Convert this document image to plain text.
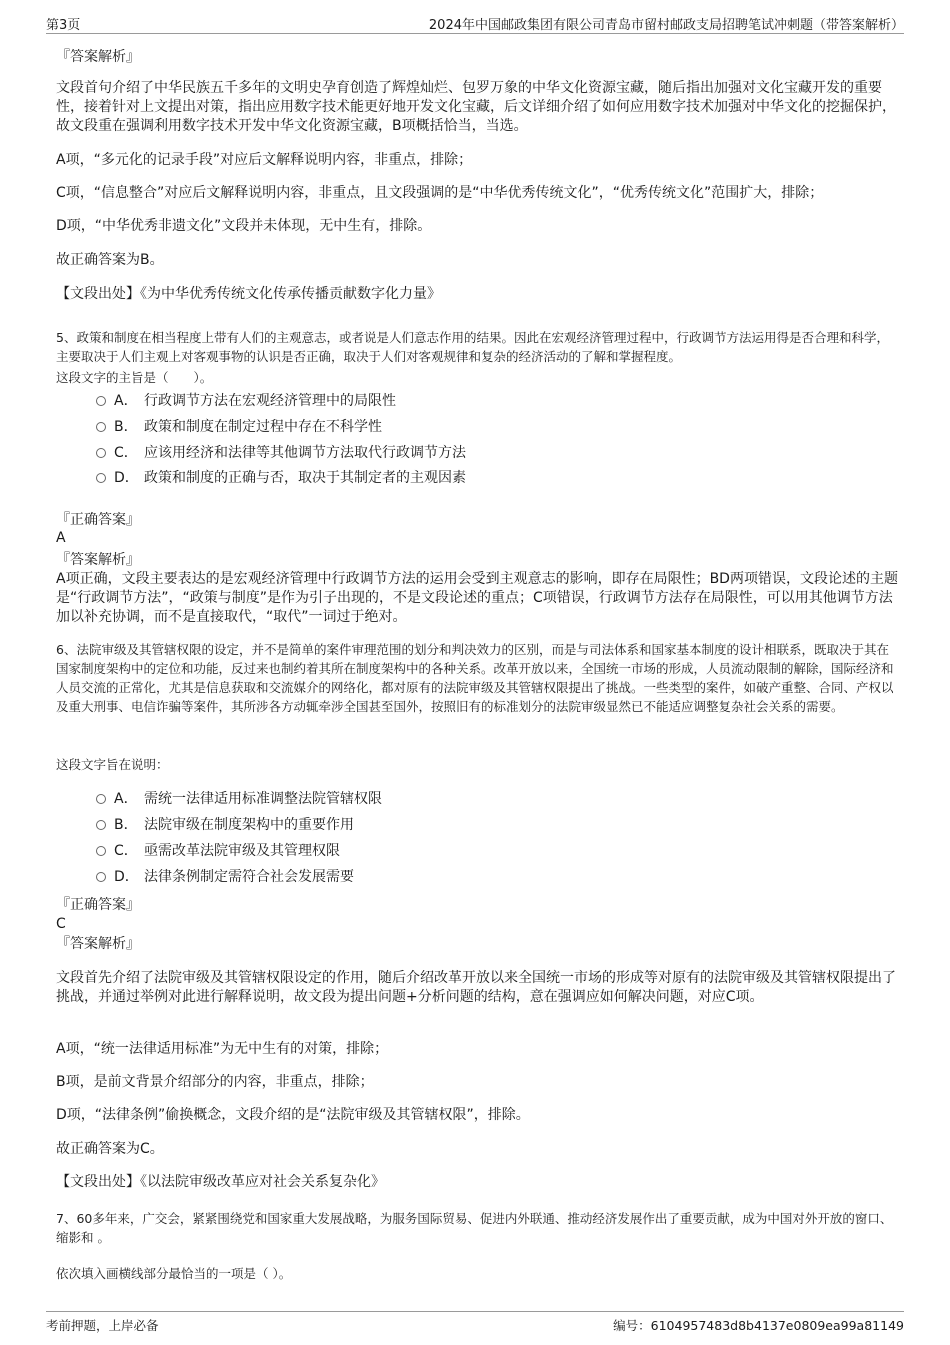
第3页	2024年中国邮政集团有限公司青岛市留村邮政支局招聘笔试冲刺题（带答案解析）
『答案解析』
文段首句介绍了中华民族五千多年的文明史孕育创造了辉煌灿烂、包罗万象的中华文化资源宝藏，随后指出加强对文化宝藏开发的重要性，接着针对上文提出对策，指出应用数字技术能更好地开发文化宝藏，后文详细介绍了如何应用数字技术加强对中华文化的挖掘保护，故文段重在强调利用数字技术开发中华文化资源宝藏，B项概括恰当，当选。
A项，“多元化的记录手段”对应后文解释说明内容，非重点，排除；
C项，“信息整合”对应后文解释说明内容，非重点，且文段强调的是“中华优秀传统文化”，“优秀传统文化”范围扩大，排除；
D项，“中华优秀非遗文化”文段并未体现，无中生有，排除。
故正确答案为B。
【文段出处】《为中华优秀传统文化传承传播贡献数字化力量》
5、政策和制度在相当程度上带有人们的主观意志，或者说是人们意志作用的结果。因此在宏观经济管理过程中，行政调节方法运用得是否合理和科学，主要取决于人们主观上对客观事物的认识是否正确，取决于人们对客观规律和复杂的经济活动的了解和掌握程度。
这段文字的主旨是（　　）。
A． 行政调节方法在宏观经济管理中的局限性
B． 政策和制度在制定过程中存在不科学性
C． 应该用经济和法律等其他调节方法取代行政调节方法
D． 政策和制度的正确与否，取决于其制定者的主观因素
『正确答案』
A
『答案解析』
A项正确，文段主要表达的是宏观经济管理中行政调节方法的运用会受到主观意志的影响，即存在局限性；BD两项错误，文段论述的主题是“行政调节方法”，“政策与制度”是作为引子出现的，不是文段论述的重点；C项错误，行政调节方法存在局限性，可以用其他调节方法加以补充协调，而不是直接取代，“取代”一词过于绝对。
6、法院审级及其管辖权限的设定，并不是简单的案件审理范围的划分和判决效力的区别，而是与司法体系和国家基本制度的设计相联系，既取决于其在国家制度架构中的定位和功能，反过来也制约着其所在制度架构中的各种关系。改革开放以来，全国统一市场的形成，人员流动限制的解除，国际经济和人员交流的正常化，尤其是信息获取和交流媒介的网络化，都对原有的法院审级及其管辖权限提出了挑战。一些类型的案件，如破产重整、合同、产权以及重大刑事、电信诈骗等案件，其所涉各方动辄牵涉全国甚至国外，按照旧有的标准划分的法院审级显然已不能适应调整复杂社会关系的需要。
这段文字旨在说明：
A． 需统一法律适用标准调整法院管辖权限
B． 法院审级在制度架构中的重要作用
C． 亟需改革法院审级及其管理权限
D． 法律条例制定需符合社会发展需要
『正确答案』
C
『答案解析』
文段首先介绍了法院审级及其管辖权限设定的作用，随后介绍改革开放以来全国统一市场的形成等对原有的法院审级及其管辖权限提出了挑战，并通过举例对此进行解释说明，故文段为提出问题+分析问题的结构，意在强调应如何解决问题，对应C项。
A项，“统一法律适用标准”为无中生有的对策，排除；
B项，是前文背景介绍部分的内容，非重点，排除；
D项，“法律条例”偷换概念，文段介绍的是“法院审级及其管辖权限”，排除。
故正确答案为C。
【文段出处】《以法院审级改革应对社会关系复杂化》
7、60多年来，广交会，紧紧围绕党和国家重大发展战略，为服务国际贸易、促进内外联通、推动经济发展作出了重要贡献，成为中国对外开放的窗口、缩影和 。
依次填入画横线部分最恰当的一项是（ ）。
考前押题，上岸必备	编号：6104957483d8b4137e0809ea99a81149
